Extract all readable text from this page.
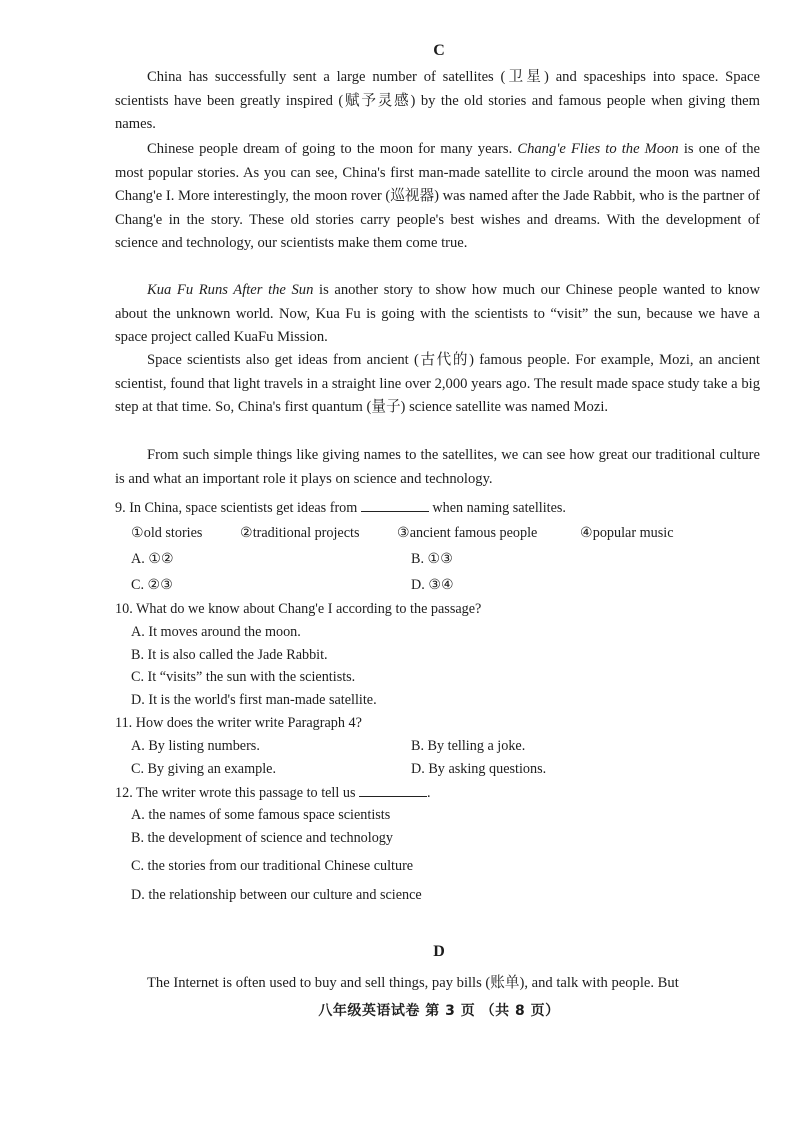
C

China has successfully sent a large number of satellites (卫星) and spaceships into space. Space scientists have been greatly inspired (赋予灵感) by the old stories and famous people when giving them names.

Chinese people dream of going to the moon for many years. Chang'e Flies to the Moon is one of the most popular stories. As you can see, China's first man-made satellite to circle around the moon was named Chang'e I. More interestingly, the moon rover (巡视器) was named after the Jade Rabbit, who is the partner of Chang'e in the story. These old stories carry people's best wishes and dreams. With the development of science and technology, our scientists make them come true.

Kua Fu Runs After the Sun is another story to show how much our Chinese people wanted to know about the unknown world. Now, Kua Fu is going with the scientists to “visit” the sun, because we have a space project called KuaFu Mission.

Space scientists also get ideas from ancient (古代的) famous people. For example, Mozi, an ancient scientist, found that light travels in a straight line over 2,000 years ago. The result made space study take a big step at that time. So, China's first quantum (量子) science satellite was named Mozi.

From such simple things like giving names to the satellites, we can see how great our traditional culture is and what an important role it plays on science and technology.

9. In China, space scientists get ideas from	when naming satellites.
①old stories	②traditional projects	③ancient famous people	④popular music
A. ①②	B. ①③
C. ②③	D. ③④
10. What do we know about Chang'e I according to the passage?
A. It moves around the moon.
B. It is also called the Jade Rabbit.
C. It “visits” the sun with the scientists.
D. It is the world's first man-made satellite.
11. How does the writer write Paragraph 4?
A. By listing numbers.	B. By telling a joke.
C. By giving an example.	D. By asking questions.
12. The writer wrote this passage to tell us	.
A. the names of some famous space scientists
B. the development of science and technology
C. the stories from our traditional Chinese culture
D. the relationship between our culture and science
D

The Internet is often used to buy and sell things, pay bills (账单), and talk with people. But

八年级英语试卷 第 3 页 （共 8 页）
